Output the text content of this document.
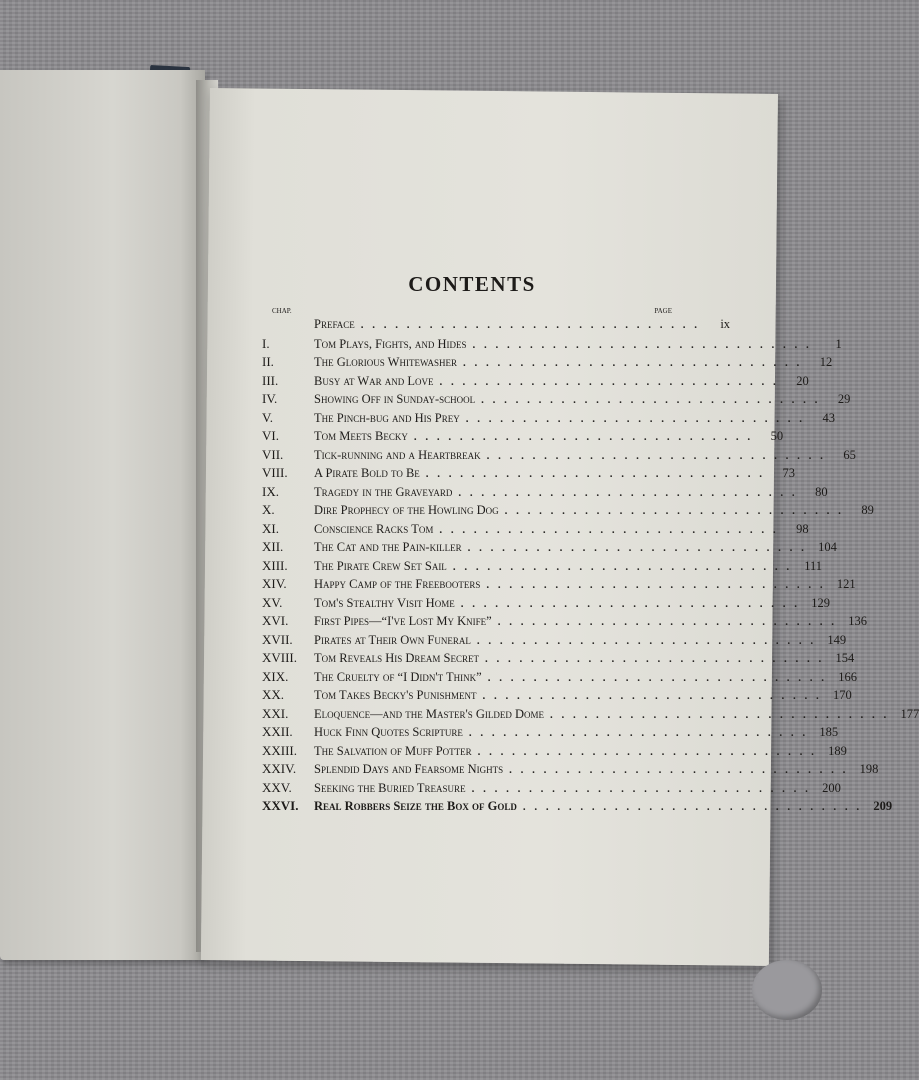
CONTENTS
CHAP.	PAGE
Preface . . . . . . . . . . . . . . . . . . . . . . . . . . . . . .	ix
I.	Tom Plays, Fights, and Hides . . . . . . . . . . . . . . . . . . . . . . . . . . . . . .	1
II.	The Glorious Whitewasher . . . . . . . . . . . . . . . . . . . . . . . . . . . . . .	12
III.	Busy at War and Love . . . . . . . . . . . . . . . . . . . . . . . . . . . . . .	20
IV.	Showing Off in Sunday-school . . . . . . . . . . . . . . . . . . . . . . . . . . . . . .	29
V.	The Pinch-bug and His Prey . . . . . . . . . . . . . . . . . . . . . . . . . . . . . .	43
VI.	Tom Meets Becky . . . . . . . . . . . . . . . . . . . . . . . . . . . . . .	50
VII.	Tick-running and a Heartbreak . . . . . . . . . . . . . . . . . . . . . . . . . . . . . .	65
VIII.	A Pirate Bold to Be . . . . . . . . . . . . . . . . . . . . . . . . . . . . . .	73
IX.	Tragedy in the Graveyard . . . . . . . . . . . . . . . . . . . . . . . . . . . . . .	80
X.	Dire Prophecy of the Howling Dog . . . . . . . . . . . . . . . . . . . . . . . . . . . . . .	89
XI.	Conscience Racks Tom . . . . . . . . . . . . . . . . . . . . . . . . . . . . . .	98
XII.	The Cat and the Pain-killer . . . . . . . . . . . . . . . . . . . . . . . . . . . . . . 104
XIII.	The Pirate Crew Set Sail . . . . . . . . . . . . . . . . . . . . . . . . . . . . . . 111
XIV.	Happy Camp of the Freebooters . . . . . . . . . . . . . . . . . . . . . . . . . . . . . . 121
XV.	Tom's Stealthy Visit Home . . . . . . . . . . . . . . . . . . . . . . . . . . . . . . 129
XVI.	First Pipes—“I've Lost My Knife” . . . . . . . . . . . . . . . . . . . . . . . . . . . . . . 136
XVII.	Pirates at Their Own Funeral . . . . . . . . . . . . . . . . . . . . . . . . . . . . . . 149
XVIII.	Tom Reveals His Dream Secret . . . . . . . . . . . . . . . . . . . . . . . . . . . . . . 154
XIX.	The Cruelty of “I Didn't Think” . . . . . . . . . . . . . . . . . . . . . . . . . . . . . . 166
XX.	Tom Takes Becky's Punishment . . . . . . . . . . . . . . . . . . . . . . . . . . . . . . 170
XXI.	Eloquence—and the Master's Gilded Dome . . . . . . . . . . . . . . . . . . . . . . . . . . . . . . 177
XXII.	Huck Finn Quotes Scripture . . . . . . . . . . . . . . . . . . . . . . . . . . . . . . 185
XXIII.	The Salvation of Muff Potter . . . . . . . . . . . . . . . . . . . . . . . . . . . . . . 189
XXIV.	Splendid Days and Fearsome Nights . . . . . . . . . . . . . . . . . . . . . . . . . . . . . . 198
XXV.	Seeking the Buried Treasure . . . . . . . . . . . . . . . . . . . . . . . . . . . . . . 200
XXVI.	Real Robbers Seize the Box of Gold . . . . . . . . . . . . . . . . . . . . . . . . . . . . . . 209
